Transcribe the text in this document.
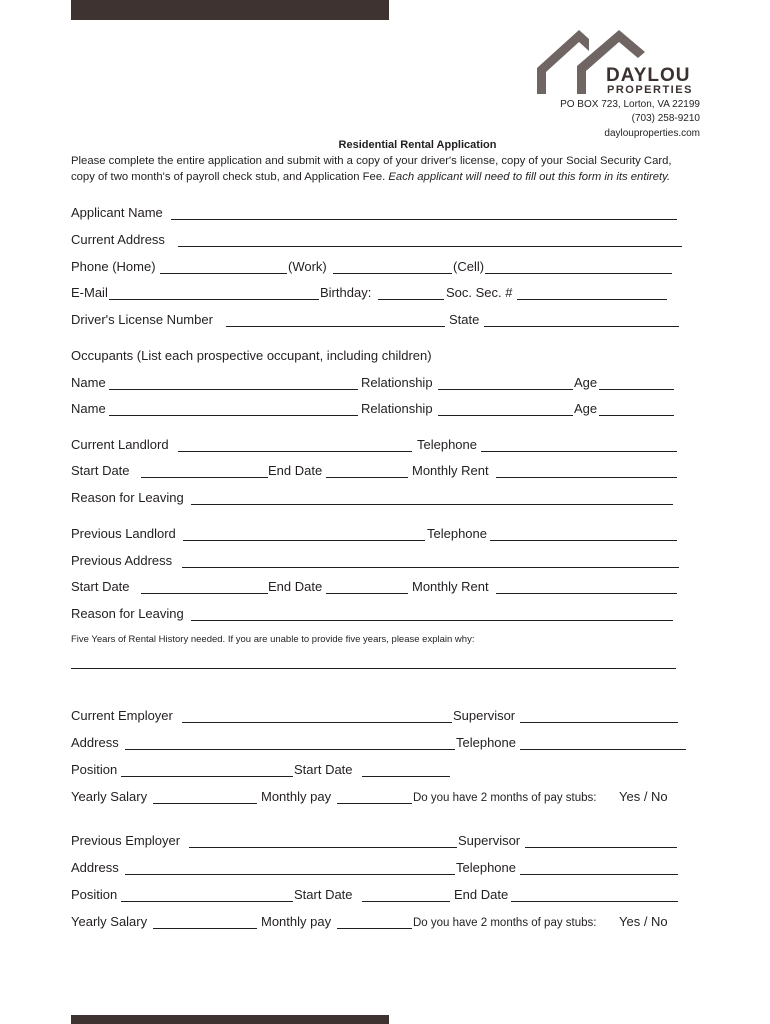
DAYLOU
PROPERTIES
PO BOX 723, Lorton, VA 22199
(703) 258-9210
daylouproperties.com
Residential Rental Application
Please complete the entire application and submit with a copy of your driver's license, copy of your Social Security Card,
copy of two month's of payroll check stub, and Application Fee. Each applicant will need to fill out this form in its entirety.
Applicant Name
Current Address
Phone (Home)	(Work)	(Cell)
E-Mail	Birthday:	Soc. Sec. #
Driver's License Number	State
Occupants (List each prospective occupant, including children)
Name	Relationship	Age
Name	Relationship	Age
Current Landlord	Telephone
Start Date	End Date	Monthly Rent
Reason for Leaving
Previous Landlord	Telephone
Previous Address
Start Date	End Date	Monthly Rent
Reason for Leaving
Five Years of Rental History needed. If you are unable to provide five years, please explain why:
Current Employer	Supervisor
Address	Telephone
Position	Start Date
Yearly Salary	Monthly pay	Do you have 2 months of pay stubs: Yes / No
Previous Employer	Supervisor
Address	Telephone
Position	Start Date	End Date
Yearly Salary	Monthly pay	Do you have 2 months of pay stubs: Yes / No
